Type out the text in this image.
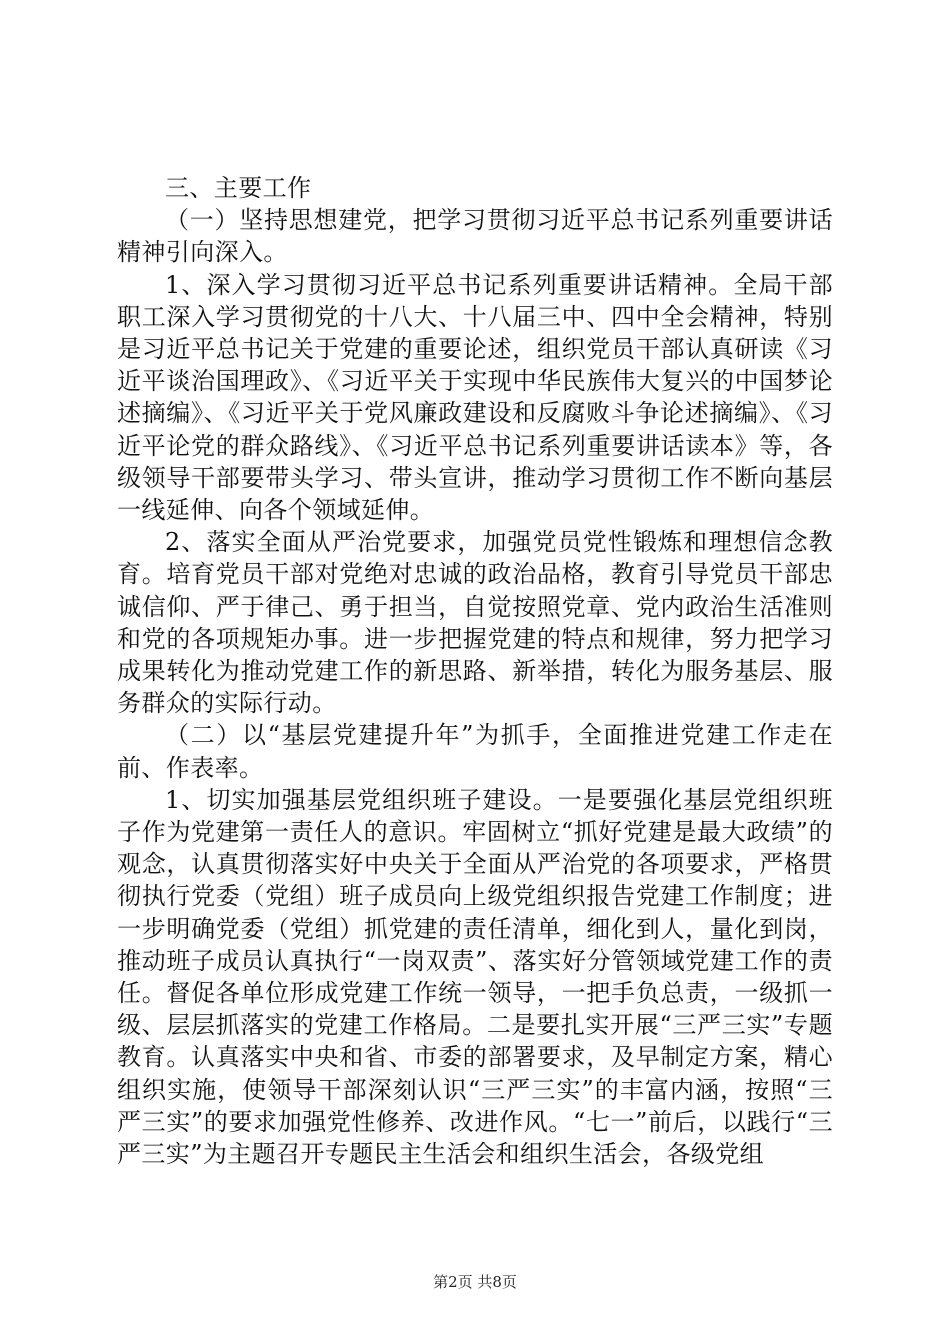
三、主要工作

（一）坚持思想建党，把学习贯彻习近平总书记系列重要讲话精神引向深入。

1、深入学习贯彻习近平总书记系列重要讲话精神。全局干部职工深入学习贯彻党的十八大、十八届三中、四中全会精神，特别是习近平总书记关于党建的重要论述，组织党员干部认真研读《习近平谈治国理政》、《习近平关于实现中华民族伟大复兴的中国梦论述摘编》、《习近平关于党风廉政建设和反腐败斗争论述摘编》、《习近平论党的群众路线》、《习近平总书记系列重要讲话读本》等，各级领导干部要带头学习、带头宣讲，推动学习贯彻工作不断向基层一线延伸、向各个领域延伸。

2、落实全面从严治党要求，加强党员党性锻炼和理想信念教育。培育党员干部对党绝对忠诚的政治品格，教育引导党员干部忠诚信仰、严于律己、勇于担当，自觉按照党章、党内政治生活准则和党的各项规矩办事。进一步把握党建的特点和规律，努力把学习成果转化为推动党建工作的新思路、新举措，转化为服务基层、服务群众的实际行动。

（二）以“基层党建提升年”为抓手，全面推进党建工作走在前、作表率。

1、切实加强基层党组织班子建设。一是要强化基层党组织班子作为党建第一责任人的意识。牢固树立“抓好党建是最大政绩”的观念，认真贯彻落实好中央关于全面从严治党的各项要求，严格贯彻执行党委（党组）班子成员向上级党组织报告党建工作制度；进一步明确党委（党组）抓党建的责任清单，细化到人，量化到岗，推动班子成员认真执行“一岗双责”、落实好分管领域党建工作的责任。督促各单位形成党建工作统一领导，一把手负总责，一级抓一级、层层抓落实的党建工作格局。二是要扎实开展“三严三实”专题教育。认真落实中央和省、市委的部署要求，及早制定方案，精心组织实施，使领导干部深刻认识“三严三实”的丰富内涵，按照“三严三实”的要求加强党性修养、改进作风。“七一”前后，以践行“三严三实”为主题召开专题民主生活会和组织生活会，各级党组

第2页 共8页
